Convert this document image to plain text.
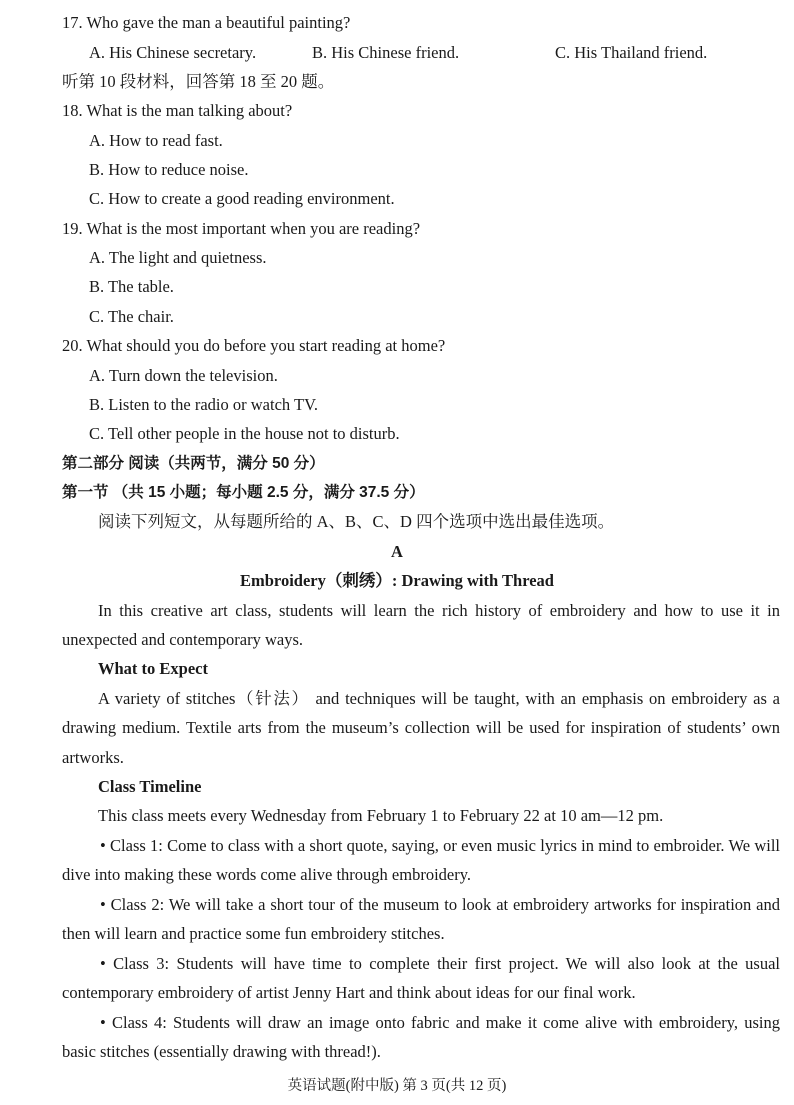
17. Who gave the man a beautiful painting?
A. His Chinese secretary.	B. His Chinese friend.	C. His Thailand friend.
听第 10 段材料，回答第 18 至 20 题。
18. What is the man talking about?
A. How to read fast.
B. How to reduce noise.
C. How to create a good reading environment.
19. What is the most important when you are reading?
A. The light and quietness.
B. The table.
C. The chair.
20. What should you do before you start reading at home?
A. Turn down the television.
B. Listen to the radio or watch TV.
C. Tell other people in the house not to disturb.
第二部分 阅读（共两节，满分 50 分）
第一节 （共 15 小题；每小题 2.5 分，满分 37.5 分）
阅读下列短文，从每题所给的 A、B、C、D 四个选项中选出最佳选项。
A
Embroidery（刺绣）: Drawing with Thread
In this creative art class, students will learn the rich history of embroidery and how to use it in unexpected and contemporary ways.
What to Expect
A variety of stitches（针法） and techniques will be taught, with an emphasis on embroidery as a drawing medium. Textile arts from the museum’s collection will be used for inspiration of students’ own artworks.
Class Timeline
This class meets every Wednesday from February 1 to February 22 at 10 am—12 pm.
• Class 1: Come to class with a short quote, saying, or even music lyrics in mind to embroider. We will dive into making these words come alive through embroidery.
• Class 2: We will take a short tour of the museum to look at embroidery artworks for inspiration and then will learn and practice some fun embroidery stitches.
• Class 3: Students will have time to complete their first project. We will also look at the usual contemporary embroidery of artist Jenny Hart and think about ideas for our final work.
• Class 4: Students will draw an image onto fabric and make it come alive with embroidery, using basic stitches (essentially drawing with thread!).
英语试题(附中版) 第 3 页(共 12 页)
